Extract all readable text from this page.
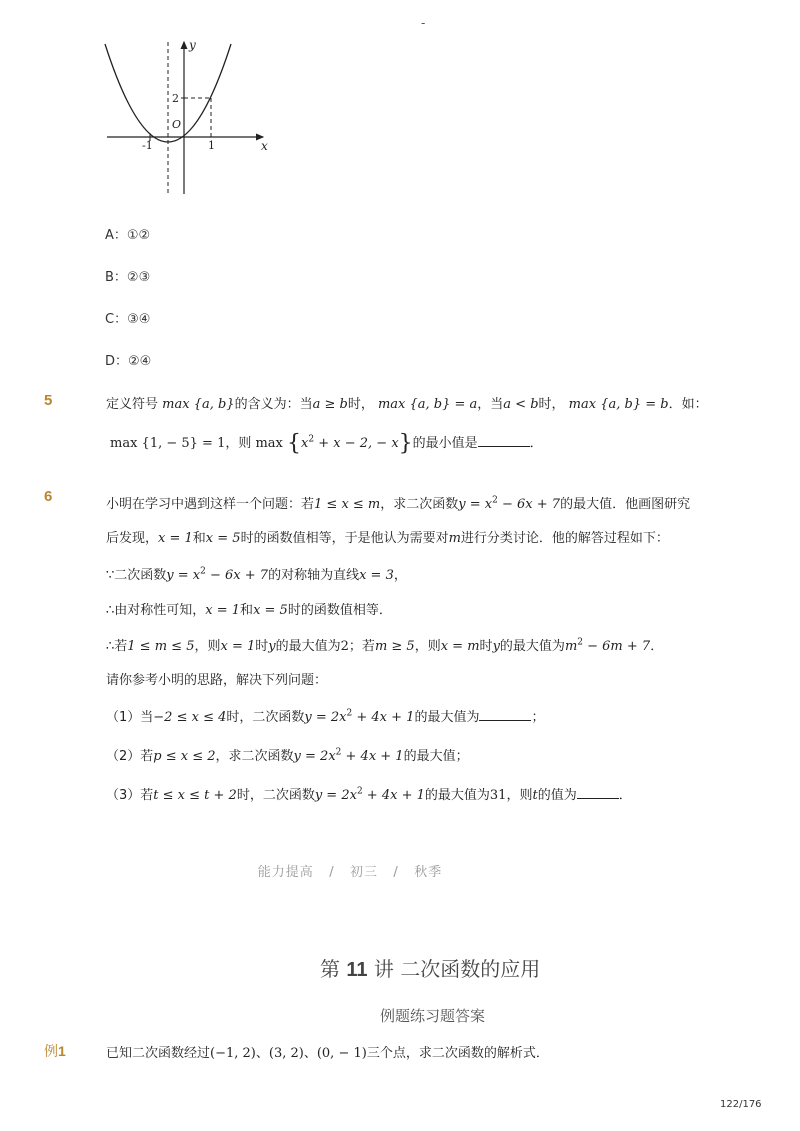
-
x
y
O
2
-1	1
A：①②
B：②③
C：③④
D：②④
5	定义符号 max {a, b}的含义为：当a ≥ b时， max {a, b} = a，当a < b时， max {a, b} = b．如：
max {1, − 5} = 1，则 $\max \{x^2 + x - 2$, − x}的最小值是	．
6	小明在学习中遇到这样一个问题：若1 ≤ x ≤ m，求二次函数$y = x^2 - 6x + 7$的最大值．他画图研究
后发现，x = 1和x = 5时的函数值相等，于是他认为需要对m进行分类讨论．他的解答过程如下：
∵二次函数$y = x^2 - 6x + 7$的对称轴为直线x = 3，
∴由对称性可知，x = 1和x = 5时的函数值相等．
∴若1 ≤ m ≤ 5，则x = 1时y的最大值为2；若m ≥ 5，则x = m时y的最大值为$m^2 - 6m + 7$．
请你参考小明的思路，解决下列问题：
（1）当−2 ≤ x ≤ 4时，二次函数$y = 2x^2 + 4x + 1$的最大值为	；
（2）若p ≤ x ≤ 2，求二次函数$y = 2x^2 + 4x + 1$的最大值；
（3）若t ≤ x ≤ t + 2时，二次函数$y = 2x^2 + 4x + 1$的最大值为31，则t的值为	．
能力提高 / 初三 / 秋季
第 11 讲 二次函数的应用
例题练习题答案
例1	已知二次函数经过(−1, 2)、(3, 2)、(0, − 1)三个点，求二次函数的解析式．
122/176
